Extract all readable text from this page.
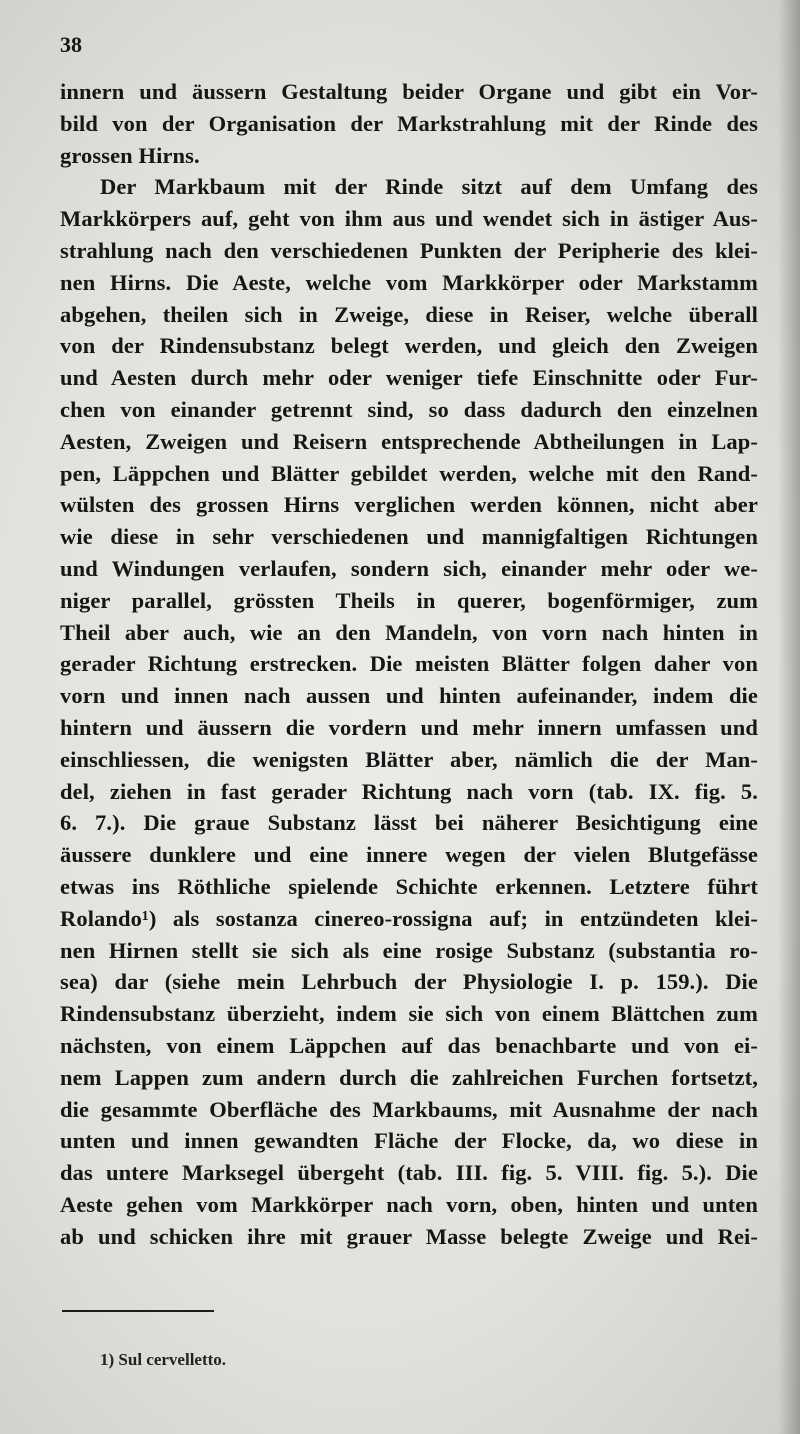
38
innern und äussern Gestaltung beider Organe und gibt ein Vor-
bild von der Organisation der Markstrahlung mit der Rinde des
grossen Hirns.
Der Markbaum mit der Rinde sitzt auf dem Umfang des
Markkörpers auf, geht von ihm aus und wendet sich in ästiger Aus-
strahlung nach den verschiedenen Punkten der Peripherie des klei-
nen Hirns. Die Aeste, welche vom Markkörper oder Markstamm
abgehen, theilen sich in Zweige, diese in Reiser, welche überall
von der Rindensubstanz belegt werden, und gleich den Zweigen
und Aesten durch mehr oder weniger tiefe Einschnitte oder Fur-
chen von einander getrennt sind, so dass dadurch den einzelnen
Aesten, Zweigen und Reisern entsprechende Abtheilungen in Lap-
pen, Läppchen und Blätter gebildet werden, welche mit den Rand-
wülsten des grossen Hirns verglichen werden können, nicht aber
wie diese in sehr verschiedenen und mannigfaltigen Richtungen
und Windungen verlaufen, sondern sich, einander mehr oder we-
niger parallel, grössten Theils in querer, bogenförmiger, zum
Theil aber auch, wie an den Mandeln, von vorn nach hinten in
gerader Richtung erstrecken. Die meisten Blätter folgen daher von
vorn und innen nach aussen und hinten aufeinander, indem die
hintern und äussern die vordern und mehr innern umfassen und
einschliessen, die wenigsten Blätter aber, nämlich die der Man-
del, ziehen in fast gerader Richtung nach vorn (tab. IX. fig. 5.
6. 7.). Die graue Substanz lässt bei näherer Besichtigung eine
äussere dunklere und eine innere wegen der vielen Blutgefässe
etwas ins Röthliche spielende Schichte erkennen. Letztere führt
Rolando¹) als sostanza cinereo-rossigna auf; in entzündeten klei-
nen Hirnen stellt sie sich als eine rosige Substanz (substantia ro-
sea) dar (siehe mein Lehrbuch der Physiologie I. p. 159.). Die
Rindensubstanz überzieht, indem sie sich von einem Blättchen zum
nächsten, von einem Läppchen auf das benachbarte und von ei-
nem Lappen zum andern durch die zahlreichen Furchen fortsetzt,
die gesammte Oberfläche des Markbaums, mit Ausnahme der nach
unten und innen gewandten Fläche der Flocke, da, wo diese in
das untere Marksegel übergeht (tab. III. fig. 5. VIII. fig. 5.). Die
Aeste gehen vom Markkörper nach vorn, oben, hinten und unten
ab und schicken ihre mit grauer Masse belegte Zweige und Rei-
1) Sul cervelletto.
